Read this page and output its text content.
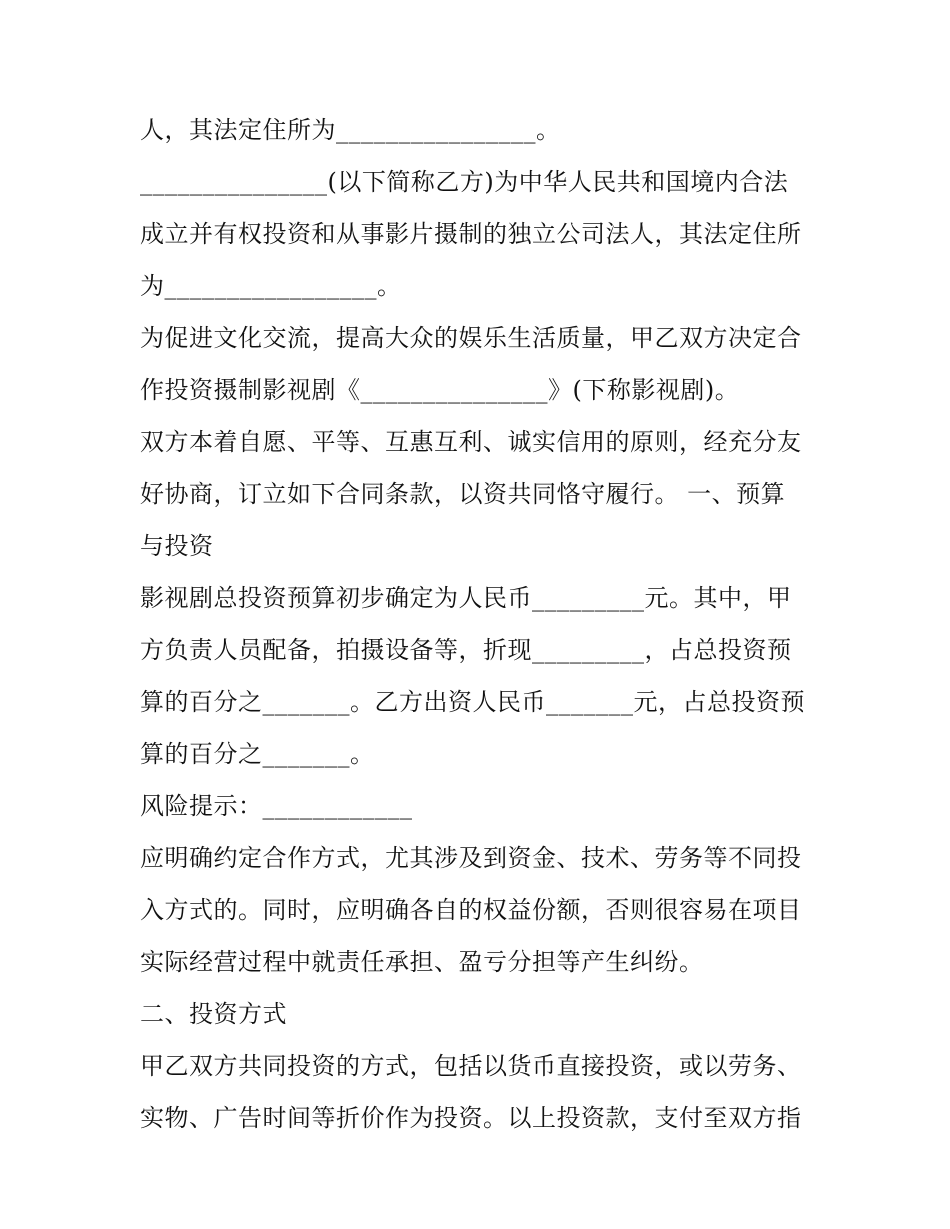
人，其法定住所为________________。
_______________(以下简称乙方)为中华人民共和国境内合法
成立并有权投资和从事影片摄制的独立公司法人，其法定住所
为_________________。
为促进文化交流，提高大众的娱乐生活质量，甲乙双方决定合
作投资摄制影视剧《_______________》(下称影视剧)。
双方本着自愿、平等、互惠互利、诚实信用的原则，经充分友
好协商，订立如下合同条款，以资共同恪守履行。 一、预算
与投资
影视剧总投资预算初步确定为人民币_________元。其中，甲
方负责人员配备，拍摄设备等，折现_________，占总投资预
算的百分之_______。乙方出资人民币_______元，占总投资预
算的百分之_______。
风险提示：____________
应明确约定合作方式，尤其涉及到资金、技术、劳务等不同投
入方式的。同时，应明确各自的权益份额，否则很容易在项目
实际经营过程中就责任承担、盈亏分担等产生纠纷。
二、投资方式
甲乙双方共同投资的方式，包括以货币直接投资，或以劳务、
实物、广告时间等折价作为投资。以上投资款，支付至双方指
